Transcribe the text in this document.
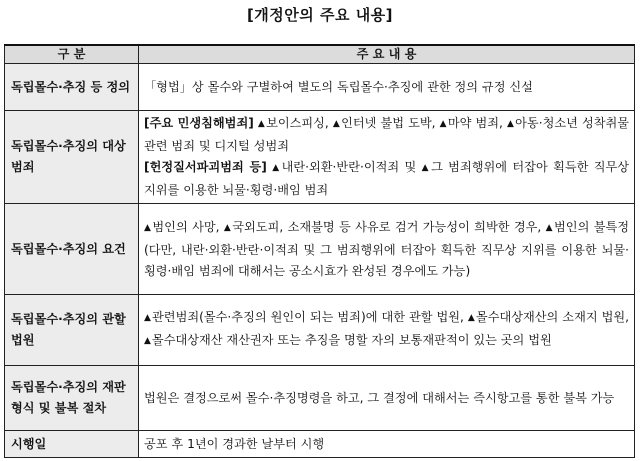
[개정안의 주요 내용]
구 분	주 요 내 용
독립몰수·추징 등 정의	「형법」상 몰수와 구별하여 별도의 독립몰수·추징에 관한 정의 규정 신설
독립몰수·추징의 대상범죄	[주요 민생침해범죄] ▲보이스피싱, ▲인터넷 불법 도박, ▲마약 범죄, ▲아동·청소년 성착취물 관련 범죄 및 디지털 성범죄
[헌정질서파괴범죄 등] ▲내란·외환·반란·이적죄 및 ▲그 범죄행위에 터잡아 획득한 직무상 지위를 이용한 뇌물·횡령·배임 범죄
독립몰수·추징의 요건	▲범인의 사망, ▲국외도피, 소재불명 등 사유로 검거 가능성이 희박한 경우, ▲범인의 불특정(다만, 내란·외환·반란·이적죄 및 그 범죄행위에 터잡아 획득한 직무상 지위를 이용한 뇌물·횡령·배임 범죄에 대해서는 공소시효가 완성된 경우에도 가능)
독립몰수·추징의 관할 법원	▲관련범죄(몰수·추징의 원인이 되는 범죄)에 대한 관할 법원, ▲몰수대상재산의 소재지 법원, ▲몰수대상재산 재산권자 또는 추징을 명할 자의 보통재판적이 있는 곳의 법원
독립몰수·추징의 재판 형식 및 불복 절차	법원은 결정으로써 몰수·추징명령을 하고, 그 결정에 대해서는 즉시항고를 통한 불복 가능
시행일	공포 후 1년이 경과한 날부터 시행
